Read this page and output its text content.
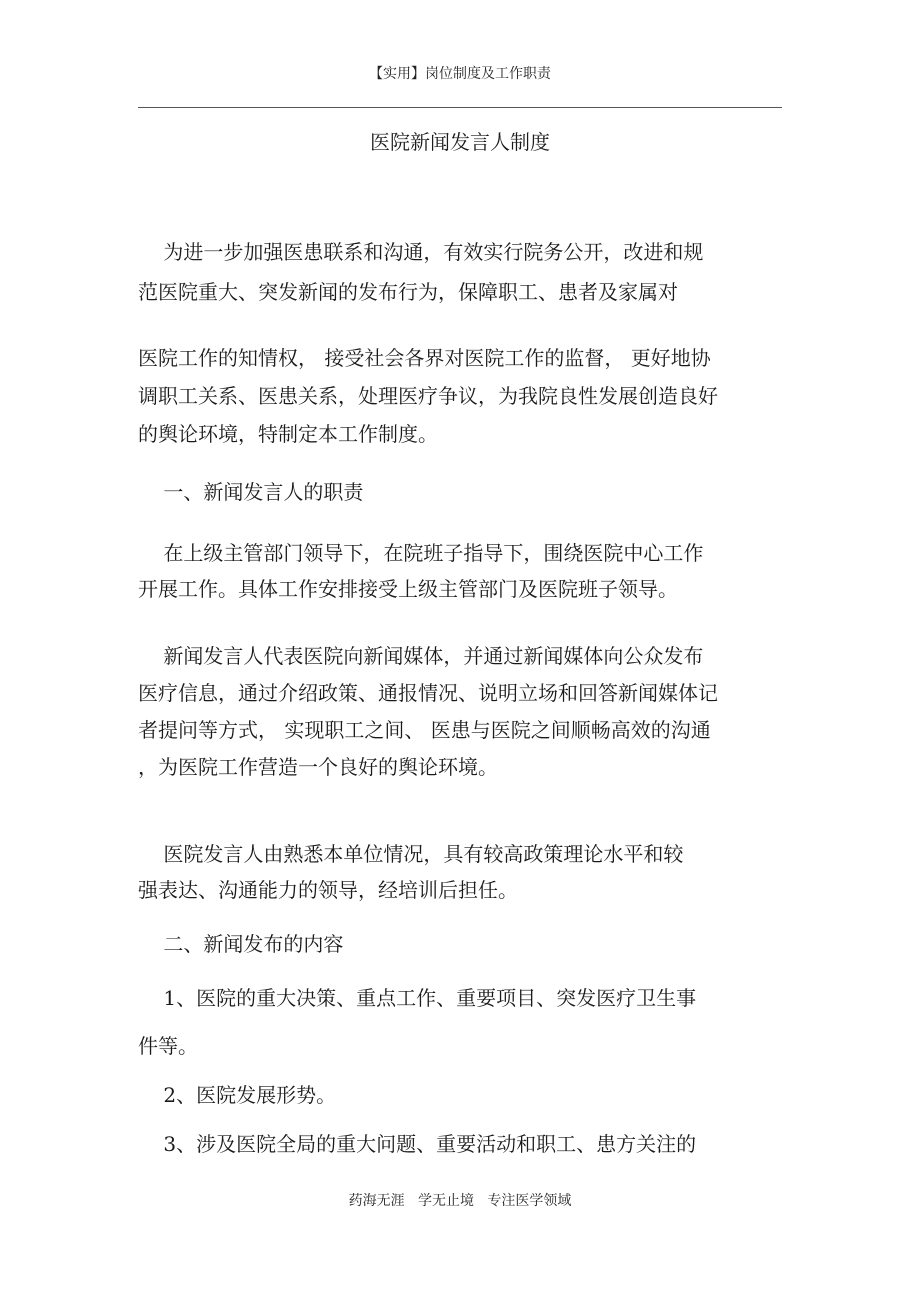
【实用】岗位制度及工作职责
医院新闻发言人制度

为进一步加强医患联系和沟通，有效实行院务公开，改进和规
范医院重大、突发新闻的发布行为，保障职工、患者及家属对

医院工作的知情权， 接受社会各界对医院工作的监督， 更好地协
调职工关系、医患关系，处理医疗争议，为我院良性发展创造良好
的舆论环境，特制定本工作制度。

一、新闻发言人的职责

在上级主管部门领导下，在院班子指导下，围绕医院中心工作
开展工作。具体工作安排接受上级主管部门及医院班子领导。

新闻发言人代表医院向新闻媒体，并通过新闻媒体向公众发布
医疗信息，通过介绍政策、通报情况、说明立场和回答新闻媒体记
者提问等方式， 实现职工之间、 医患与医院之间顺畅高效的沟通
，为医院工作营造一个良好的舆论环境。

医院发言人由熟悉本单位情况，具有较高政策理论水平和较
强表达、沟通能力的领导，经培训后担任。

二、新闻发布的内容

1、医院的重大决策、重点工作、重要项目、突发医疗卫生事

件等。

2、医院发展形势。

3、涉及医院全局的重大问题、重要活动和职工、患方关注的

药海无涯   学无止境   专注医学领域
